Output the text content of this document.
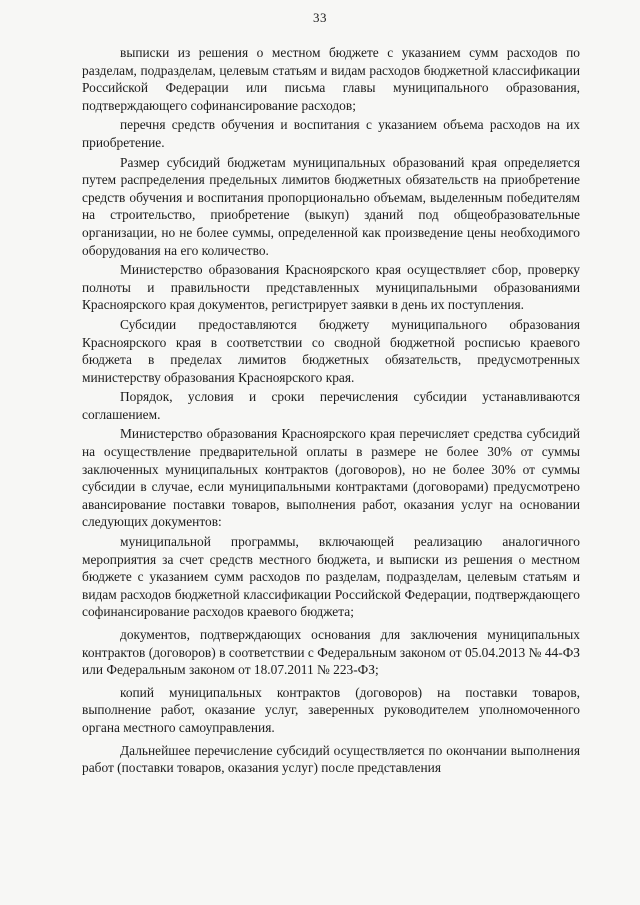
33

выписки из решения о местном бюджете с указанием сумм расходов по разделам, подразделам, целевым статьям и видам расходов бюджетной классификации Российской Федерации или письма главы муниципального образования, подтверждающего софинансирование расходов;

перечня средств обучения и воспитания с указанием объема расходов на их приобретение.

Размер субсидий бюджетам муниципальных образований края определяется путем распределения предельных лимитов бюджетных обязательств на приобретение средств обучения и воспитания пропорционально объемам, выделенным победителям на строительство, приобретение (выкуп) зданий под общеобразовательные организации, но не более суммы, определенной как произведение цены необходимого оборудования на его количество.

Министерство образования Красноярского края осуществляет сбор, проверку полноты и правильности представленных муниципальными образованиями Красноярского края документов, регистрирует заявки в день их поступления.

Субсидии предоставляются бюджету муниципального образования Красноярского края в соответствии со сводной бюджетной росписью краевого бюджета в пределах лимитов бюджетных обязательств, предусмотренных министерству образования Красноярского края.

Порядок, условия и сроки перечисления субсидии устанавливаются соглашением.

Министерство образования Красноярского края перечисляет средства субсидий на осуществление предварительной оплаты в размере не более 30% от суммы заключенных муниципальных контрактов (договоров), но не более 30% от суммы субсидии в случае, если муниципальными контрактами (договорами) предусмотрено авансирование поставки товаров, выполнения работ, оказания услуг на основании следующих документов:

муниципальной программы, включающей реализацию аналогичного мероприятия за счет средств местного бюджета, и выписки из решения о местном бюджете с указанием сумм расходов по разделам, подразделам, целевым статьям и видам расходов бюджетной классификации Российской Федерации, подтверждающего софинансирование расходов краевого бюджета;

документов, подтверждающих основания для заключения муниципальных контрактов (договоров) в соответствии с Федеральным законом от 05.04.2013 № 44-ФЗ или Федеральным законом от 18.07.2011 № 223-ФЗ;

копий муниципальных контрактов (договоров) на поставки товаров, выполнение работ, оказание услуг, заверенных руководителем уполномоченного органа местного самоуправления.

Дальнейшее перечисление субсидий осуществляется по окончании выполнения работ (поставки товаров, оказания услуг) после представления
